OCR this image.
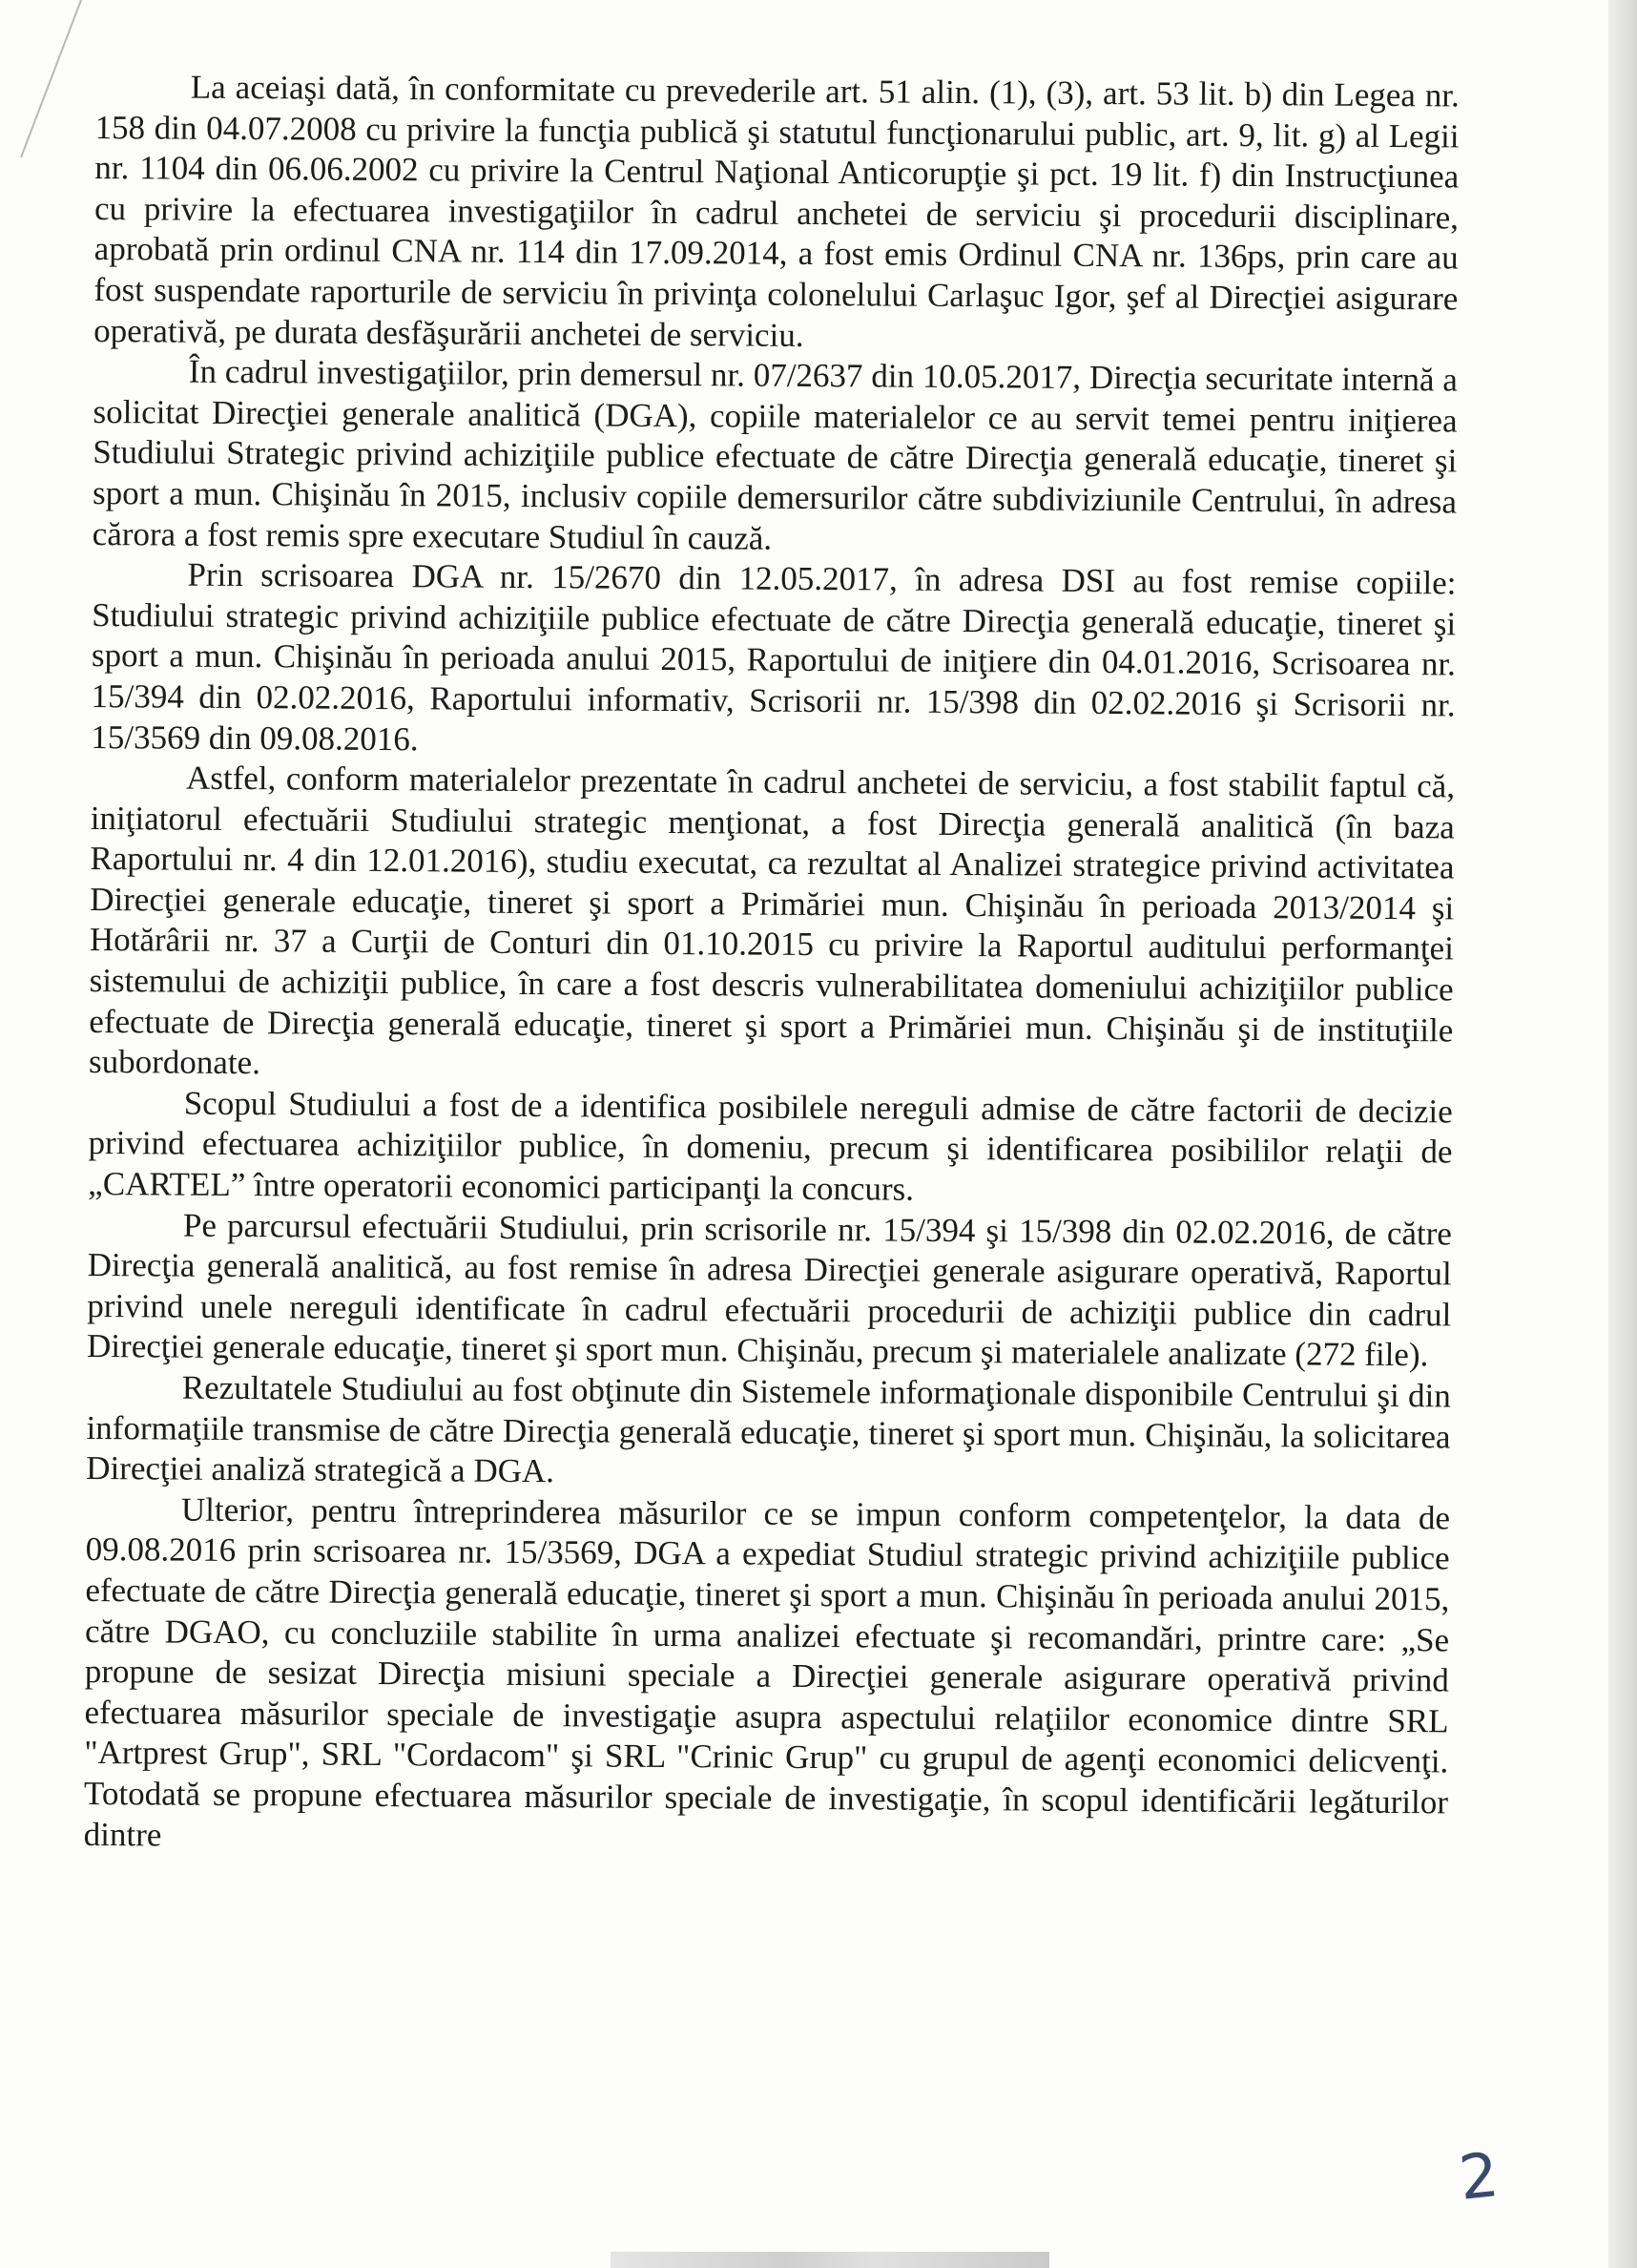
La aceiaşi dată, în conformitate cu prevederile art. 51 alin. (1), (3), art. 53 lit. b) din Legea nr. 158 din 04.07.2008 cu privire la funcţia publică şi statutul funcţionarului public, art. 9, lit. g) al Legii nr. 1104 din 06.06.2002 cu privire la Centrul Naţional Anticorupţie şi pct. 19 lit. f) din Instrucţiunea cu privire la efectuarea investigaţiilor în cadrul anchetei de serviciu şi procedurii disciplinare, aprobată prin ordinul CNA nr. 114 din 17.09.2014, a fost emis Ordinul CNA nr. 136ps, prin care au fost suspendate raporturile de serviciu în privinţa colonelului Carlaşuc Igor, şef al Direcţiei asigurare operativă, pe durata desfăşurării anchetei de serviciu.

În cadrul investigaţiilor, prin demersul nr. 07/2637 din 10.05.2017, Direcţia securitate internă a solicitat Direcţiei generale analitică (DGA), copiile materialelor ce au servit temei pentru iniţierea Studiului Strategic privind achiziţiile publice efectuate de către Direcţia generală educaţie, tineret şi sport a mun. Chişinău în 2015, inclusiv copiile demersurilor către subdiviziunile Centrului, în adresa cărora a fost remis spre executare Studiul în cauză.

Prin scrisoarea DGA nr. 15/2670 din 12.05.2017, în adresa DSI au fost remise copiile: Studiului strategic privind achiziţiile publice efectuate de către Direcţia generală educaţie, tineret şi sport a mun. Chişinău în perioada anului 2015, Raportului de iniţiere din 04.01.2016, Scrisoarea nr. 15/394 din 02.02.2016, Raportului informativ, Scrisorii nr. 15/398 din 02.02.2016 şi Scrisorii nr. 15/3569 din 09.08.2016.

Astfel, conform materialelor prezentate în cadrul anchetei de serviciu, a fost stabilit faptul că, iniţiatorul efectuării Studiului strategic menţionat, a fost Direcţia generală analitică (în baza Raportului nr. 4 din 12.01.2016), studiu executat, ca rezultat al Analizei strategice privind activitatea Direcţiei generale educaţie, tineret şi sport a Primăriei mun. Chişinău în perioada 2013/2014 şi Hotărârii nr. 37 a Curţii de Conturi din 01.10.2015 cu privire la Raportul auditului performanţei sistemului de achiziţii publice, în care a fost descris vulnerabilitatea domeniului achiziţiilor publice efectuate de Direcţia generală educaţie, tineret şi sport a Primăriei mun. Chişinău şi de instituţiile subordonate.

Scopul Studiului a fost de a identifica posibilele nereguli admise de către factorii de decizie privind efectuarea achiziţiilor publice, în domeniu, precum şi identificarea posibililor relaţii de „CARTEL” între operatorii economici participanţi la concurs.

Pe parcursul efectuării Studiului, prin scrisorile nr. 15/394 şi 15/398 din 02.02.2016, de către Direcţia generală analitică, au fost remise în adresa Direcţiei generale asigurare operativă, Raportul privind unele nereguli identificate în cadrul efectuării procedurii de achiziţii publice din cadrul Direcţiei generale educaţie, tineret şi sport mun. Chişinău, precum şi materialele analizate (272 file).

Rezultatele Studiului au fost obţinute din Sistemele informaţionale disponibile Centrului şi din informaţiile transmise de către Direcţia generală educaţie, tineret şi sport mun. Chişinău, la solicitarea Direcţiei analiză strategică a DGA.

Ulterior, pentru întreprinderea măsurilor ce se impun conform competenţelor, la data de 09.08.2016 prin scrisoarea nr. 15/3569, DGA a expediat Studiul strategic privind achiziţiile publice efectuate de către Direcţia generală educaţie, tineret şi sport a mun. Chişinău în perioada anului 2015, către DGAO, cu concluziile stabilite în urma analizei efectuate şi recomandări, printre care: „Se propune de sesizat Direcţia misiuni speciale a Direcţiei generale asigurare operativă privind efectuarea măsurilor speciale de investigaţie asupra aspectului relaţiilor economice dintre SRL "Artprest Grup", SRL "Cordacom" şi SRL "Crinic Grup" cu grupul de agenţi economici delicvenţi. Totodată se propune efectuarea măsurilor speciale de investigaţie, în scopul identificării legăturilor dintre

2
